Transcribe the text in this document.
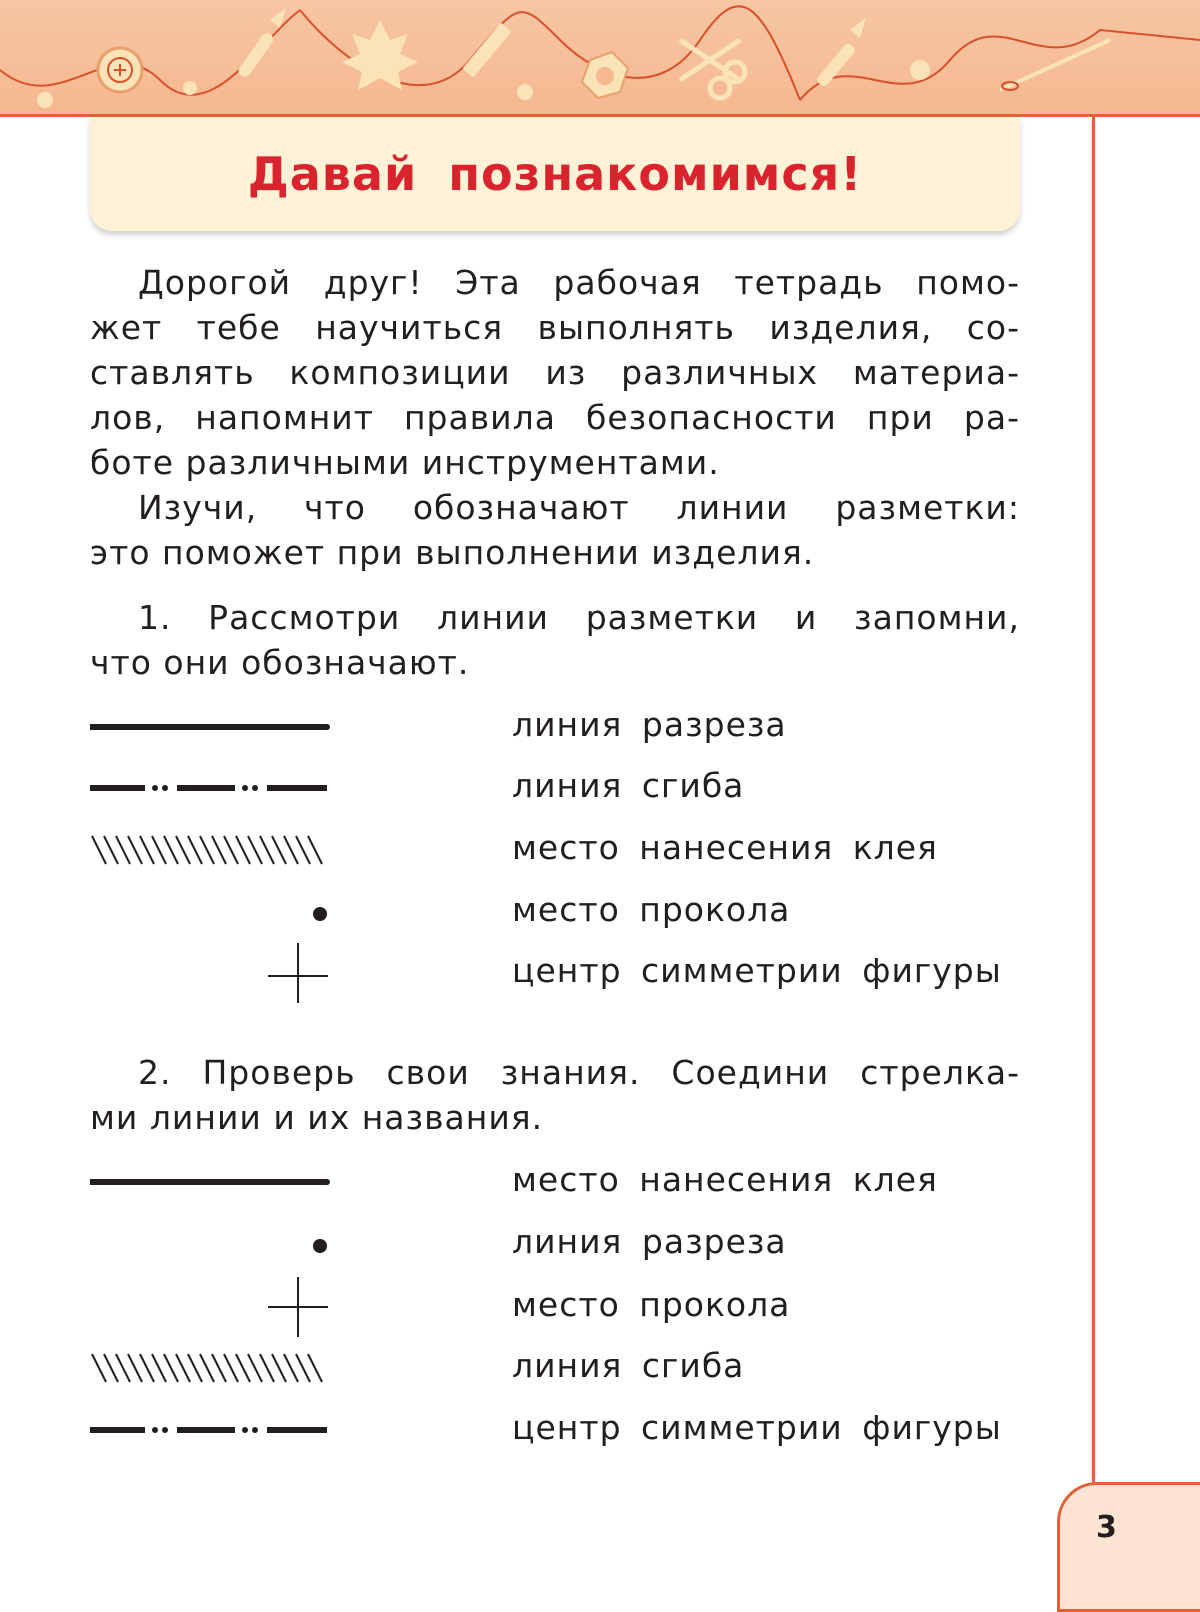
Давай познакомимся!
Дорогой друг! Эта рабочая тетрадь помо-
жет тебе научиться выполнять изделия, со-
ставлять композиции из различных материа-
лов, напомнит правила безопасности при ра-
боте различными инструментами.
Изучи, что обозначают линии разметки:
это поможет при выполнении изделия.
1. Рассмотри линии разметки и запомни,
что они обозначают.
линия разреза
линия сгиба
место нанесения клея
место прокола
центр симметрии фигуры
2. Проверь свои знания. Соедини стрелка-
ми линии и их названия.
место нанесения клея
линия разреза
место прокола
линия сгиба
центр симметрии фигуры
3
